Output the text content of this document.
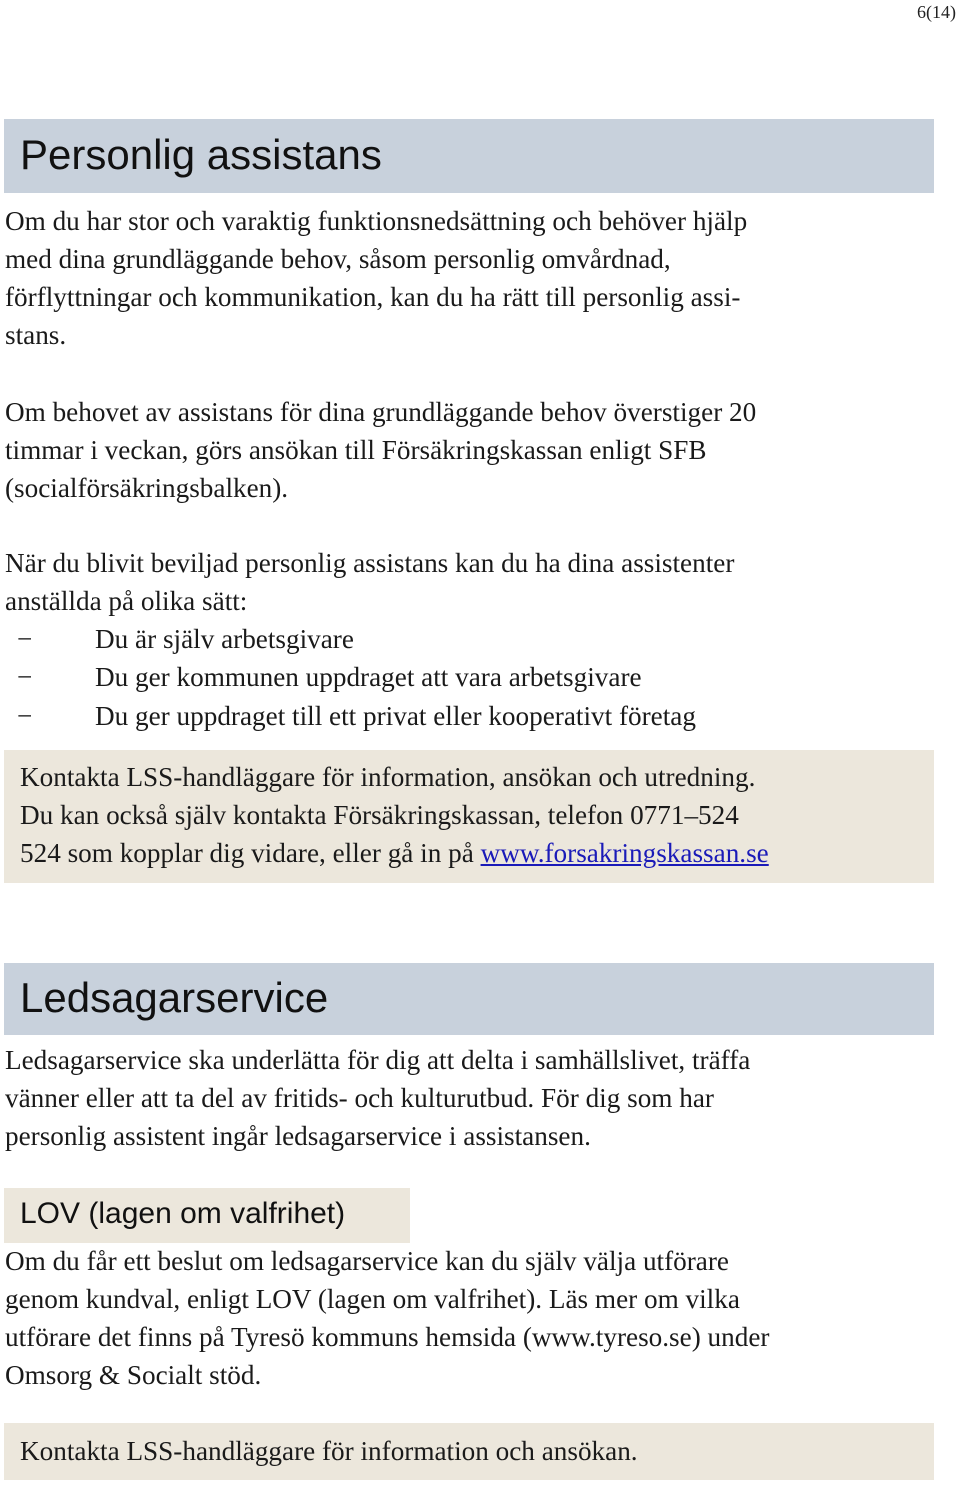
6(14)
Personlig assistans

Om du har stor och varaktig funktionsnedsättning och behöver hjälp
med dina grundläggande behov, såsom personlig omvårdnad,
förflyttningar och kommunikation, kan du ha rätt till personlig assi-
stans.

Om behovet av assistans för dina grundläggande behov överstiger 20
timmar i veckan, görs ansökan till Försäkringskassan enligt SFB
(socialförsäkringsbalken).

När du blivit beviljad personlig assistans kan du ha dina assistenter
anställda på olika sätt:

−	Du är själv arbetsgivare
−	Du ger kommunen uppdraget att vara arbetsgivare
−	Du ger uppdraget till ett privat eller kooperativt företag

Kontakta LSS-handläggare för information, ansökan och utredning.
Du kan också själv kontakta Försäkringskassan, telefon 0771–524
524 som kopplar dig vidare, eller gå in på www.forsakringskassan.se

Ledsagarservice

Ledsagarservice ska underlätta för dig att delta i samhällslivet, träffa
vänner eller att ta del av fritids- och kulturutbud. För dig som har
personlig assistent ingår ledsagarservice i assistansen.

LOV (lagen om valfrihet)

Om du får ett beslut om ledsagarservice kan du själv välja utförare
genom kundval, enligt LOV (lagen om valfrihet). Läs mer om vilka
utförare det finns på Tyresö kommuns hemsida (www.tyreso.se) under
Omsorg & Socialt stöd.

Kontakta LSS-handläggare för information och ansökan.
